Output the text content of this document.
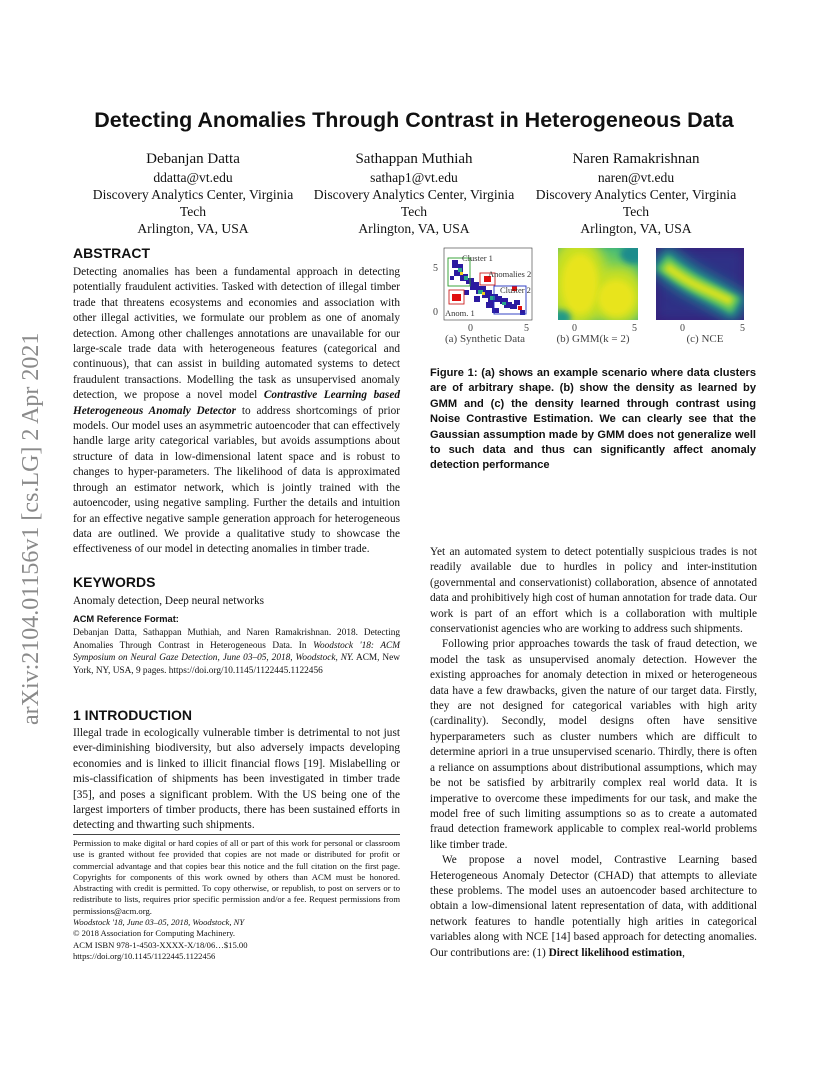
arXiv:2104.01156v1 [cs.LG] 2 Apr 2021
Detecting Anomalies Through Contrast in Heterogeneous Data
Debanjan Datta
ddatta@vt.edu
Discovery Analytics Center, Virginia
Tech
Arlington, VA, USA
Sathappan Muthiah
sathap1@vt.edu
Discovery Analytics Center, Virginia
Tech
Arlington, VA, USA
Naren Ramakrishnan
naren@vt.edu
Discovery Analytics Center, Virginia
Tech
Arlington, VA, USA
ABSTRACT
Detecting anomalies has been a fundamental approach in detecting potentially fraudulent activities. Tasked with detection of illegal timber trade that threatens ecosystems and economies and association with other illegal activities, we formulate our problem as one of anomaly detection. Among other challenges annotations are unavailable for our large-scale trade data with heterogeneous features (categorical and continuous), that can assist in building automated systems to detect fraudulent transactions. Modelling the task as unsupervised anomaly detection, we propose a novel model Contrastive Learning based Heterogeneous Anomaly Detector to address shortcomings of prior models. Our model uses an asymmetric autoencoder that can effectively handle large arity categorical variables, but avoids assumptions about structure of data in low-dimensional latent space and is robust to changes to hyper-parameters. The likelihood of data is approximated through an estimator network, which is jointly trained with the autoencoder, using negative sampling. Further the details and intuition for an effective negative sample generation approach for heterogeneous data are outlined. We provide a qualitative study to showcase the effectiveness of our model in detecting anomalies in timber trade.
KEYWORDS
Anomaly detection, Deep neural networks
ACM Reference Format:
Debanjan Datta, Sathappan Muthiah, and Naren Ramakrishnan. 2018. Detecting Anomalies Through Contrast in Heterogeneous Data. In Woodstock '18: ACM Symposium on Neural Gaze Detection, June 03–05, 2018, Woodstock, NY. ACM, New York, NY, USA, 9 pages. https://doi.org/10.1145/1122445.1122456
1 INTRODUCTION
Illegal trade in ecologically vulnerable timber is detrimental to not just ever-diminishing biodiversity, but also adversely impacts developing economies and is linked to illicit financial flows [19]. Mislabelling or mis-classification of shipments has been investigated in timber trade [35], and poses a significant problem. With the US being one of the largest importers of timber products, there has been sustained efforts in detecting and thwarting such shipments.

Permission to make digital or hard copies of all or part of this work for personal or classroom use is granted without fee provided that copies are not made or distributed for profit or commercial advantage and that copies bear this notice and the full citation on the first page. Copyrights for components of this work owned by others than ACM must be honored. Abstracting with credit is permitted. To copy otherwise, or republish, to post on servers or to redistribute to lists, requires prior specific permission and/or a fee. Request permissions from permissions@acm.org.

Woodstock '18, June 03–05, 2018, Woodstock, NY

© 2018 Association for Computing Machinery.

ACM ISBN 978-1-4503-XXXX-X/18/06…$15.00

https://doi.org/10.1145/1122445.1122456

Cluster 1
Anomalies 2
Cluster 2
Anom. 1
5
0
0	5	0	5	0	5
(a) Synthetic Data	(b) GMM(k = 2)	(c) NCE
Figure 1: (a) shows an example scenario where data clusters are of arbitrary shape. (b) show the density as learned by GMM and (c) the density learned through contrast using Noise Contrastive Estimation. We can clearly see that the Gaussian assumption made by GMM does not generalize well to such data and thus can significantly affect anomaly detection performance

Yet an automated system to detect potentially suspicious trades is not readily available due to hurdles in policy and inter-institution (governmental and conservationist) collaboration, absence of annotated data and prohibitively high cost of human annotation for trade data. Our work is part of an effort which is a collaboration with multiple conservationist agencies who are working to address such shipments.

Following prior approaches towards the task of fraud detection, we model the task as unsupervised anomaly detection. However the existing approaches for anomaly detection in mixed or heterogeneous data have a few drawbacks, given the nature of our target data. Firstly, they are not designed for categorical variables with high arity (cardinality). Secondly, model designs often have sensitive hyperparameters such as cluster numbers which are difficult to determine apriori in a true unsupervised scenario. Thirdly, there is often a reliance on assumptions about distributional assumptions, which may be not be satisfied by arbitrarily complex real world data. It is imperative to overcome these impediments for our task, and make the model free of such limiting assumptions so as to create a automated fraud detection framework applicable to complex real-world problems like timber trade.

We propose a novel model, Contrastive Learning based Heterogeneous Anomaly Detector (CHAD) that attempts to alleviate these problems. The model uses an autoencoder based architecture to obtain a low-dimensional latent representation of data, with additional network features to handle potentially high arities in categorical variables along with NCE [14] based approach for detecting anomalies. Our contributions are: (1) Direct likelihood estimation,
